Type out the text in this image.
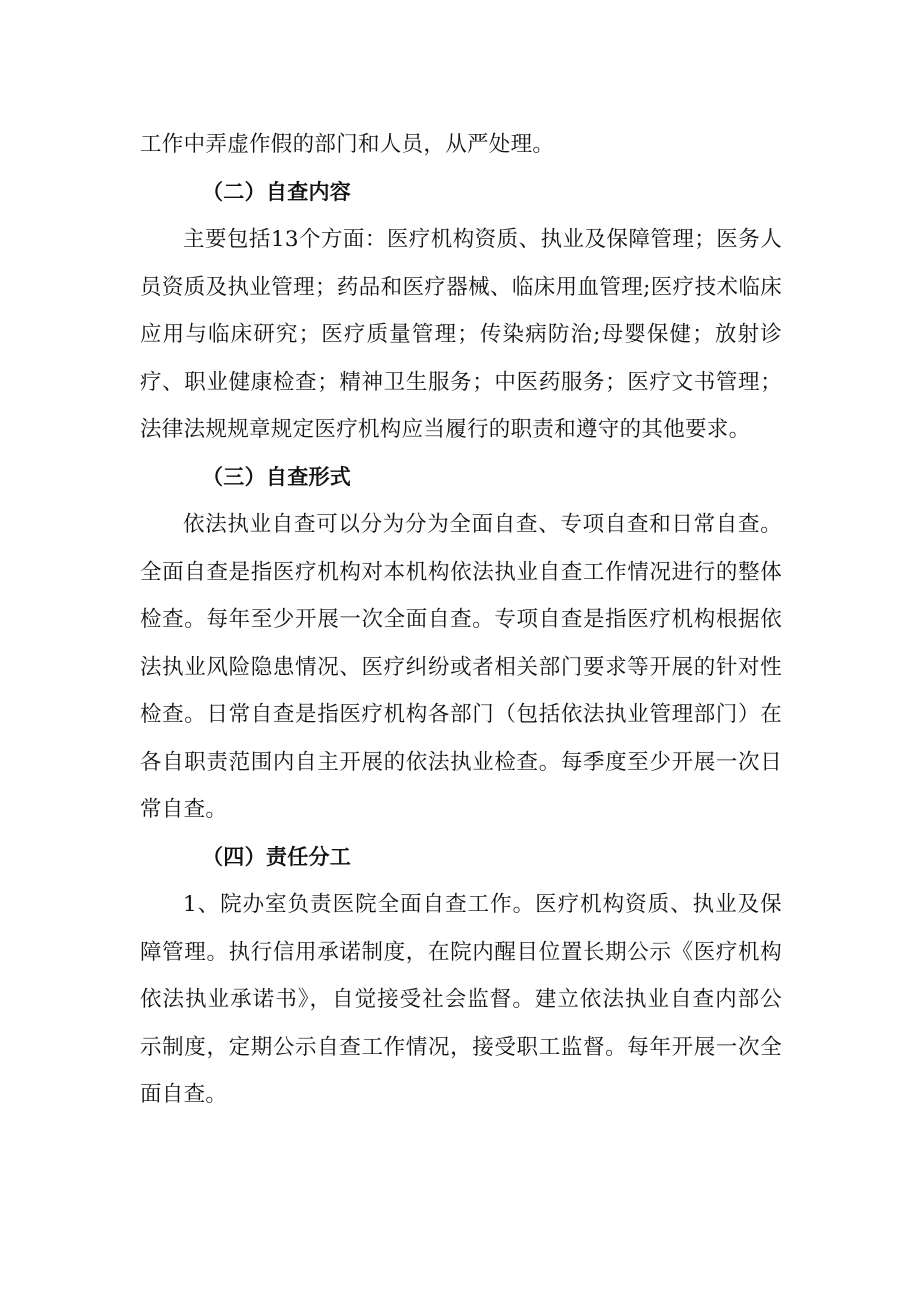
工作中弄虚作假的部门和人员，从严处理。

（二）自查内容

主要包括13个方面：医疗机构资质、执业及保障管理；医务人员资质及执业管理；药品和医疗器械、临床用血管理;医疗技术临床应用与临床研究；医疗质量管理；传染病防治;母婴保健；放射诊疗、职业健康检查；精神卫生服务；中医药服务；医疗文书管理；法律法规规章规定医疗机构应当履行的职责和遵守的其他要求。

（三）自查形式

依法执业自查可以分为分为全面自查、专项自查和日常自查。全面自查是指医疗机构对本机构依法执业自查工作情况进行的整体检查。每年至少开展一次全面自查。专项自查是指医疗机构根据依法执业风险隐患情况、医疗纠纷或者相关部门要求等开展的针对性检查。日常自查是指医疗机构各部门（包括依法执业管理部门）在各自职责范围内自主开展的依法执业检查。每季度至少开展一次日常自查。

（四）责任分工

1、院办室负责医院全面自查工作。医疗机构资质、执业及保障管理。执行信用承诺制度，在院内醒目位置长期公示《医疗机构依法执业承诺书》，自觉接受社会监督。建立依法执业自查内部公示制度，定期公示自查工作情况，接受职工监督。每年开展一次全面自查。
